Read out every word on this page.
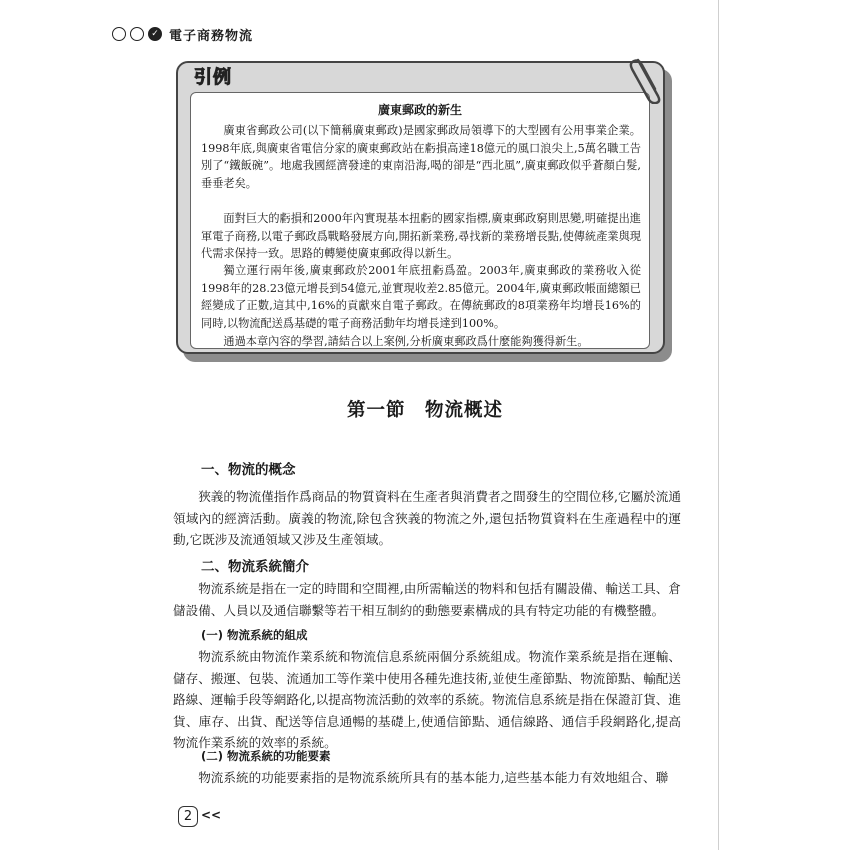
✓ 電子商務物流
引例
廣東郵政的新生

廣東省郵政公司(以下簡稱廣東郵政)是國家郵政局領導下的大型國有公用事業企業。1998年底,與廣東省電信分家的廣東郵政站在虧損高達18億元的風口浪尖上,5萬名職工告別了“鐵飯碗”。地處我國經濟發達的東南沿海,喝的卻是“西北風”,廣東郵政似乎蒼顏白髮,垂垂老矣。

面對巨大的虧損和2000年內實現基本扭虧的國家指標,廣東郵政窮則思變,明確提出進軍電子商務,以電子郵政爲戰略發展方向,開拓新業務,尋找新的業務增長點,使傳統產業與現代需求保持一致。思路的轉變使廣東郵政得以新生。

獨立運行兩年後,廣東郵政於2001年底扭虧爲盈。2003年,廣東郵政的業務收入從1998年的28.23億元增長到54億元,並實現收差2.85億元。2004年,廣東郵政帳面總額已經變成了正數,這其中,16%的貢獻來自電子郵政。在傳統郵政的8項業務年均增長16%的同時,以物流配送爲基礎的電子商務活動年均增長達到100%。

通過本章內容的學習,請結合以上案例,分析廣東郵政爲什麼能夠獲得新生。

第一節　物流概述
一、物流的概念

狹義的物流僅指作爲商品的物質資料在生產者與消費者之間發生的空間位移,它屬於流通領域內的經濟活動。廣義的物流,除包含狹義的物流之外,還包括物質資料在生產過程中的運動,它既涉及流通領域又涉及生產領域。

二、物流系統簡介

物流系統是指在一定的時間和空間裡,由所需輸送的物料和包括有關設備、輸送工具、倉儲設備、人員以及通信聯繫等若干相互制約的動態要素構成的具有特定功能的有機整體。

(一) 物流系統的組成

物流系統由物流作業系統和物流信息系統兩個分系統組成。物流作業系統是指在運輸、儲存、搬運、包裝、流通加工等作業中使用各種先進技術,並使生產節點、物流節點、輸配送路線、運輸手段等網路化,以提高物流活動的效率的系統。物流信息系統是指在保證訂貨、進貨、庫存、出貨、配送等信息通暢的基礎上,使通信節點、通信線路、通信手段網路化,提高物流作業系統的效率的系統。

(二) 物流系統的功能要素

物流系統的功能要素指的是物流系統所具有的基本能力,這些基本能力有效地組合、聯

2 <<
